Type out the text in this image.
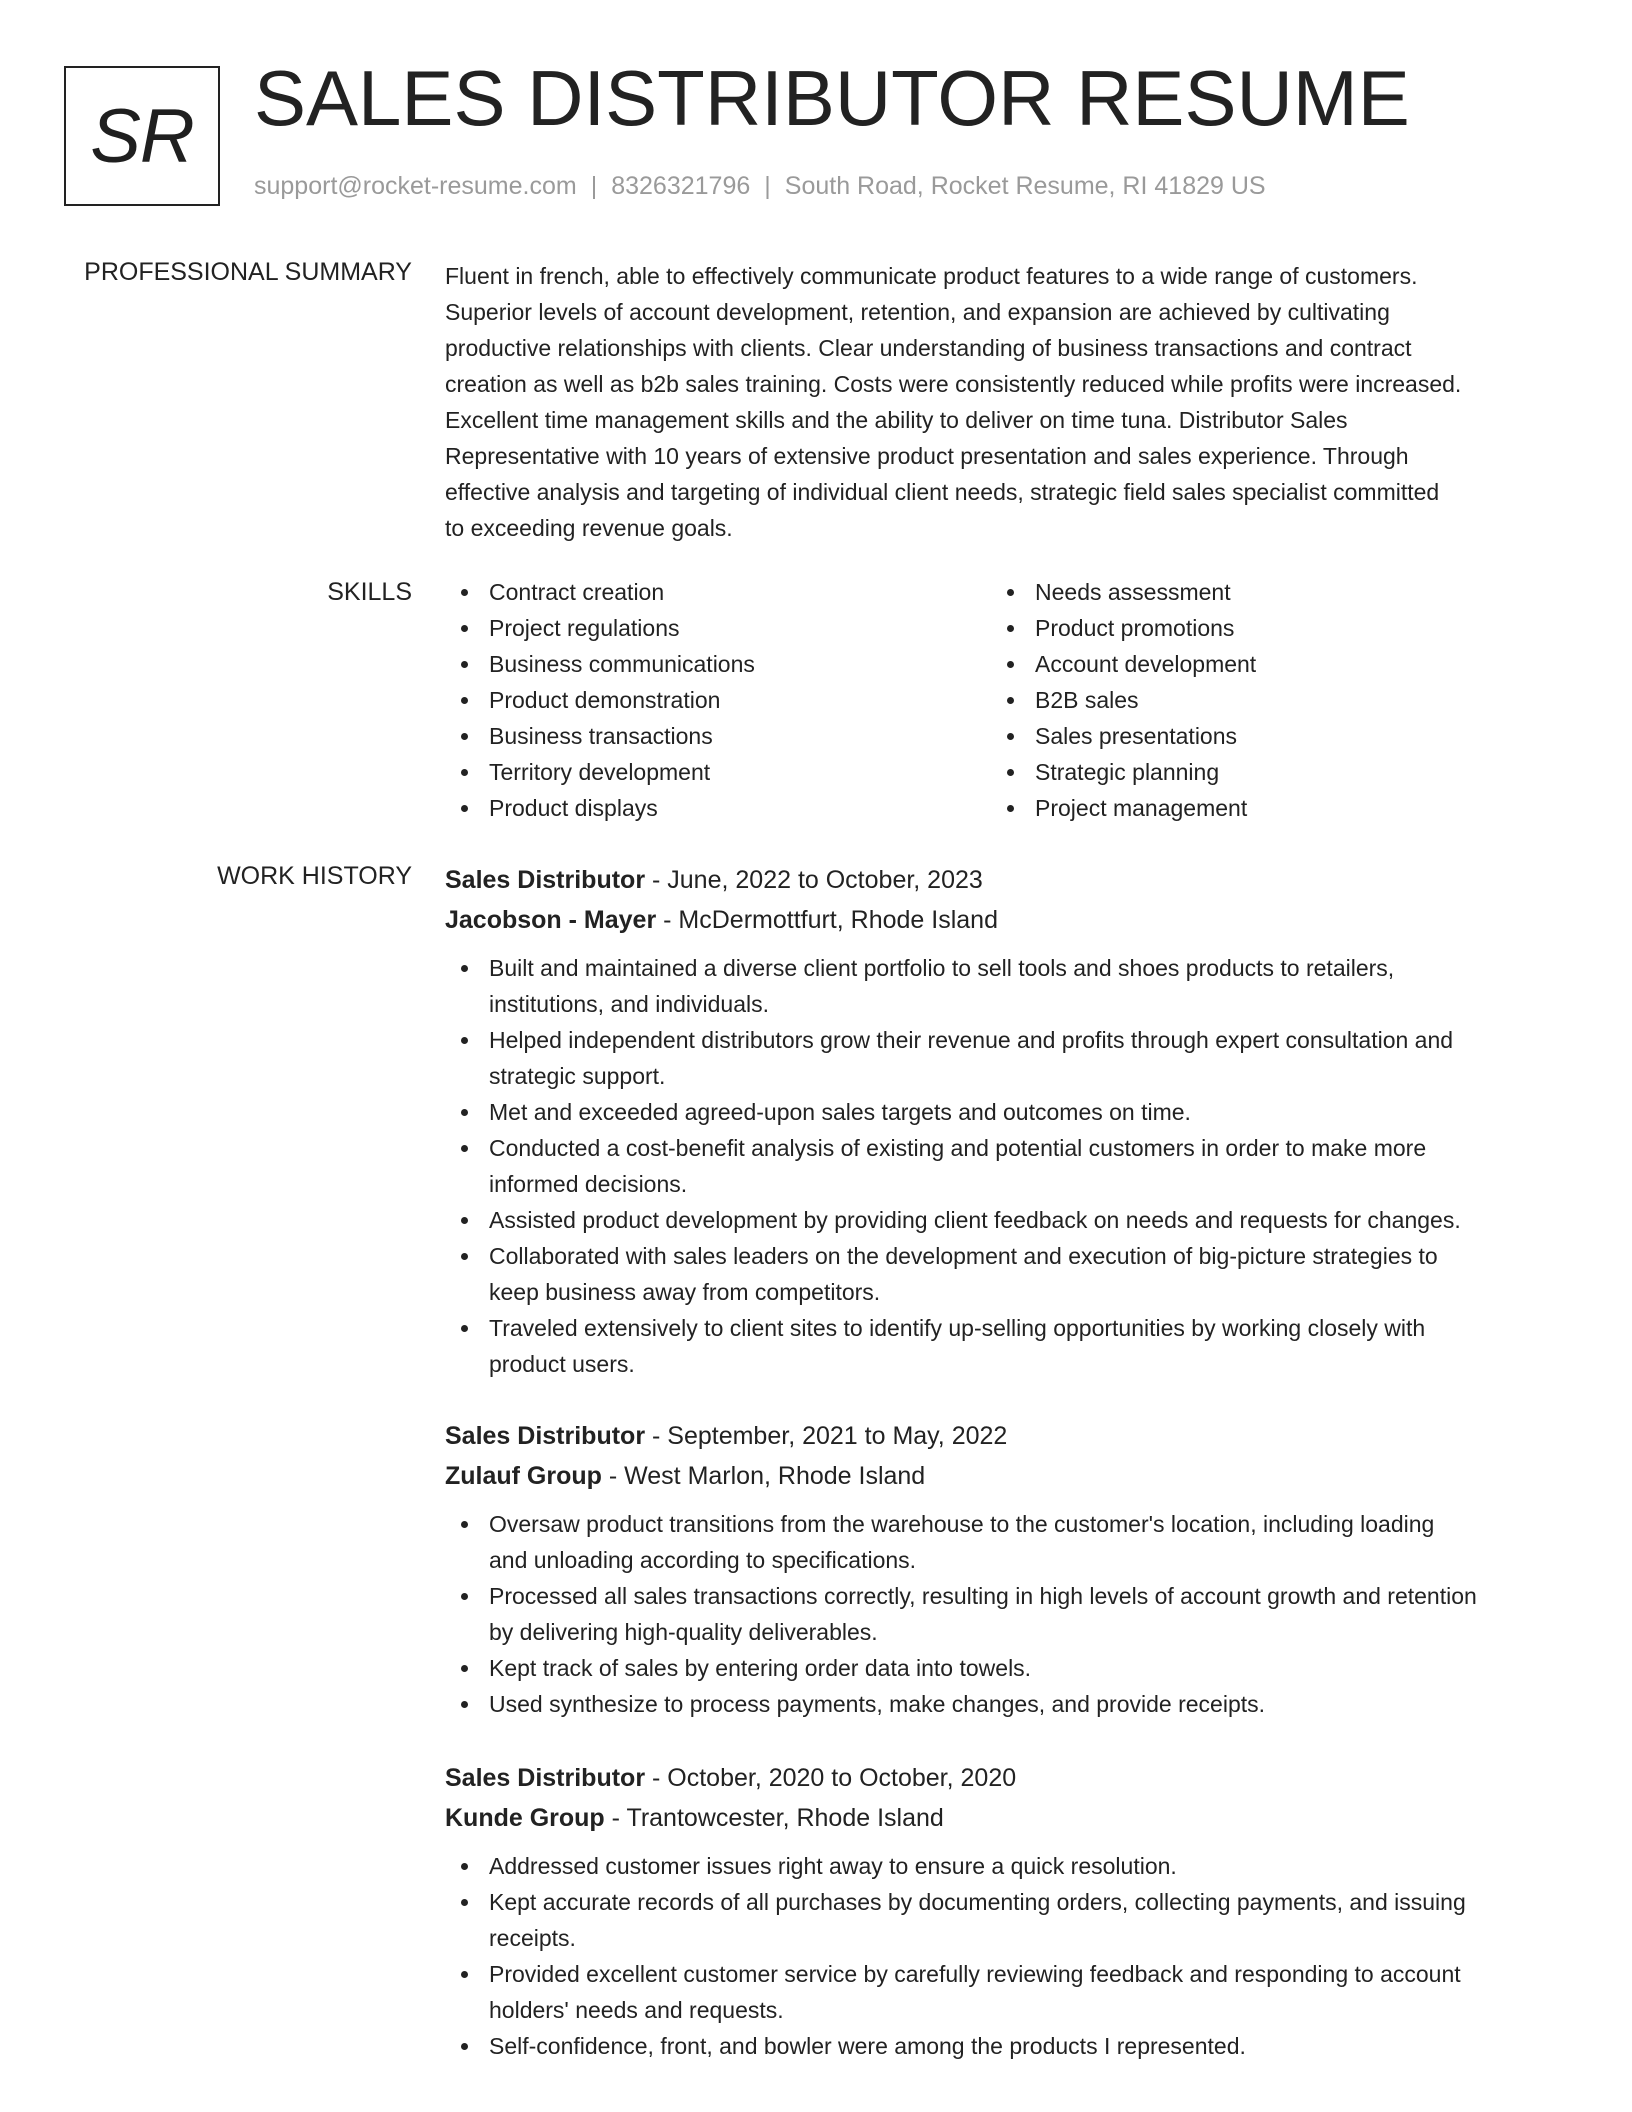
SR SALES DISTRIBUTOR RESUME
support@rocket-resume.com | 8326321796 | South Road, Rocket Resume, RI 41829 US
PROFESSIONAL SUMMARY Fluent in french, able to effectively communicate product features to a wide range of customers.
Superior levels of account development, retention, and expansion are achieved by cultivating
productive relationships with clients. Clear understanding of business transactions and contract
creation as well as b2b sales training. Costs were consistently reduced while profits were increased.
Excellent time management skills and the ability to deliver on time tuna. Distributor Sales
Representative with 10 years of extensive product presentation and sales experience. Through
effective analysis and targeting of individual client needs, strategic field sales specialist committed
to exceeding revenue goals.
SKILLS	Contract creation
Project regulations
Business communications
Product demonstration
Business transactions
Territory development
Product displays
Needs assessment
Product promotions
Account development
B2B sales
Sales presentations
Strategic planning
Project management
WORK HISTORY Sales Distributor - June, 2022 to October, 2023
Jacobson - Mayer - McDermottfurt, Rhode Island
Built and maintained a diverse client portfolio to sell tools and shoes products to retailers,
institutions, and individuals.
Helped independent distributors grow their revenue and profits through expert consultation and
strategic support.
Met and exceeded agreed-upon sales targets and outcomes on time.
Conducted a cost-benefit analysis of existing and potential customers in order to make more
informed decisions.
Assisted product development by providing client feedback on needs and requests for changes.
Collaborated with sales leaders on the development and execution of big-picture strategies to
keep business away from competitors.
Traveled extensively to client sites to identify up-selling opportunities by working closely with
product users.
Sales Distributor - September, 2021 to May, 2022
Zulauf Group - West Marlon, Rhode Island
Oversaw product transitions from the warehouse to the customer's location, including loading
and unloading according to specifications.
Processed all sales transactions correctly, resulting in high levels of account growth and retention
by delivering high-quality deliverables.
Kept track of sales by entering order data into towels.
Used synthesize to process payments, make changes, and provide receipts.
Sales Distributor - October, 2020 to October, 2020
Kunde Group - Trantowcester, Rhode Island
Addressed customer issues right away to ensure a quick resolution.
Kept accurate records of all purchases by documenting orders, collecting payments, and issuing
receipts.
Provided excellent customer service by carefully reviewing feedback and responding to account
holders' needs and requests.
Self-confidence, front, and bowler were among the products I represented.
